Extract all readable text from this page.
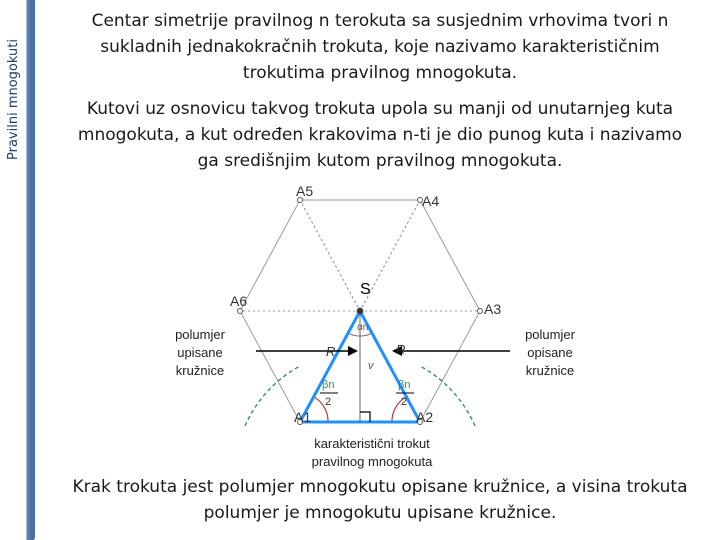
Pravilni mnogokuti
Centar simetrije pravilnog n terokuta sa susjednim vrhovima tvori n sukladnih jednakokračnih trokuta, koje nazivamo karakterističnim trokutima pravilnog mnogokuta.
Kutovi uz osnovicu takvog trokuta upola su manji od unutarnjeg kuta mnogokuta, a kut određen krakovima n-ti je dio punog kuta i nazivamo ga središnjim kutom pravilnog mnogokuta.
A5
A4
A6	A3
A1	A2
S
αn
R	R
v
βn
2
βn
2
polumjer
upisane
kružnice
polumjer
opisane
kružnice
karakteristični trokut
pravilnog mnogokuta
Krak trokuta jest polumjer mnogokutu opisane kružnice, a visina trokuta polumjer je mnogokutu upisane kružnice.
